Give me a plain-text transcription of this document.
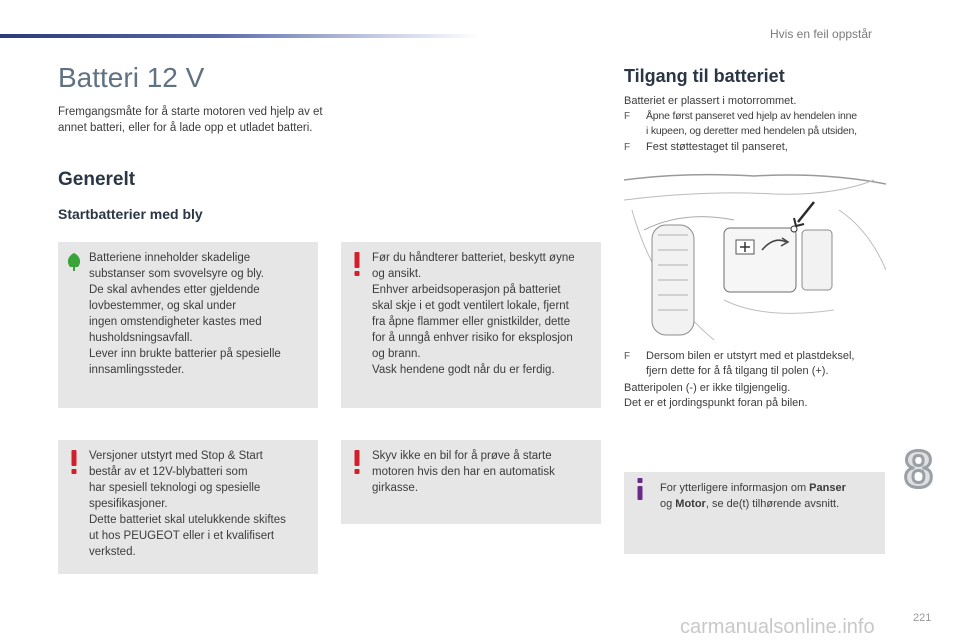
Hvis en feil oppstår
Batteri 12 V
Fremgangsmåte for å starte motoren ved hjelp av et annet batteri, eller for å lade opp et utladet batteri.
Generelt
Startbatterier med bly
Batteriene inneholder skadelige
substanser som svovelsyre og bly.
De skal avhendes etter gjeldende
lovbestemmer, og skal under
ingen omstendigheter kastes med
husholdsningsavfall.
Lever inn brukte batterier på spesielle
innsamlingssteder.
Før du håndterer batteriet, beskytt øyne
og ansikt.
Enhver arbeidsoperasjon på batteriet
skal skje i et godt ventilert lokale, fjernt
fra åpne flammer eller gnistkilder, dette
for å unngå enhver risiko for eksplosjon
og brann.
Vask hendene godt når du er ferdig.
Versjoner utstyrt med Stop & Start
består av et 12V-blybatteri som
har spesiell teknologi og spesielle
spesifikasjoner.
Dette batteriet skal utelukkende skiftes
ut hos PEUGEOT eller i et kvalifisert
verksted.
Skyv ikke en bil for å prøve å starte
motoren hvis den har en automatisk
girkasse.
Tilgang til batteriet
Batteriet er plassert i motorrommet.
F Åpne først panseret ved hjelp av hendelen inne
i kupeen, og deretter med hendelen på utsiden,
F Fest støttestaget til panseret,
F Dersom bilen er utstyrt med et plastdeksel,
fjern dette for å få tilgang til polen (+).
Batteripolen (-) er ikke tilgjengelig.
Det er et jordingspunkt foran på bilen.
For ytterligere informasjon om Panser
og Motor, se de(t) tilhørende avsnitt.
8
carmanualsonline.info	221
